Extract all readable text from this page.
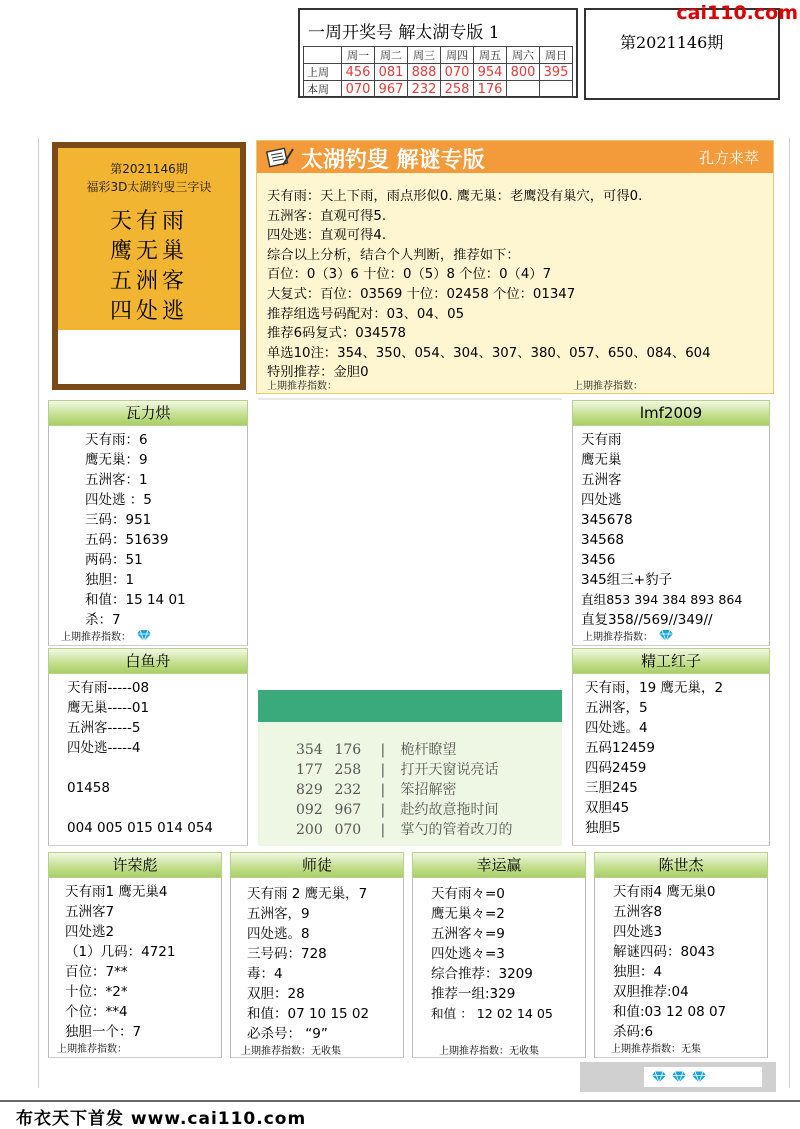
一周开奖号 解太湖专版 1
	周一	周二	周三	周四	周五	周六	周日
上周	456	081	888	070	954	800	395
本周	070	967	232	258	176		
第2021146期
cai110.com
第2021146期
福彩3D太湖钓叟三字诀
天有雨
鹰无巢
五洲客
四处逃
太湖钓叟 解谜专版	孔方来萃
天有雨：天上下雨，雨点形似0. 鹰无巢：老鹰没有巢穴，可得0.
五洲客：直观可得5.
四处逃：直观可得4.
综合以上分析，结合个人判断，推荐如下：
百位：0（3）6 十位：0（5）8 个位：0（4）7
大复式：百位：03569 十位：02458 个位：01347
推荐组选号码配对：03、04、05
推荐6码复式：034578
单选10注：354、350、054、304、307、380、057、650、084、604
特别推荐：金胆0
上期推荐指数：	上期推荐指数：
瓦力烘
天有雨：6
鹰无巢：9
五洲客：1
四处逃 ：5
三码：951
五码：51639
两码：51
独胆：1
和值：15 14 01
杀：7
上期推荐指数：
lmf2009
天有雨
鹰无巢
五洲客
四处逃
345678
34568
3456
345组三+豹子
直组853 394 384 893 864
直复358//569//349//
上期推荐指数：
白鱼舟
天有雨-----08
鹰无巢-----01
五洲客-----5
四处逃-----4
01458
004 005 015 014 054
精工红子
天有雨，19 鹰无巢，2
五洲客，5
四处逃。4
五码12459
四码2459
三胆245
双胆45
独胆5
354 176 | 桅杆瞭望
177 258 | 打开天窗说亮话
829 232 | 笨招解密
092 967 | 赴约故意拖时间
200 070 | 掌勺的管着改刀的
许荣彪
天有雨1 鹰无巢4
五洲客7
四处逃2
（1）几码：4721
百位：7**
十位：*2*
个位：**4
独胆一个：7
上期推荐指数：
师徒
天有雨 2 鹰无巢，7
五洲客，9
四处逃。8
三号码：728
毒：4
双胆：28
和值：07 10 15 02
必杀号： “9”
上期推荐指数：无收集
幸运赢
天有雨々=0
鹰无巢々=2
五洲客々=9
四处逃々=3
综合推荐：3209
推荐一组:329
和值 ： 12 02 14 05
上期推荐指数：无收集
陈世杰
天有雨4 鹰无巢0
五洲客8
四处逃3
解谜四码：8043
独胆：4
双胆推荐:04
和值:03 12 08 07
杀码:6
上期推荐指数：无集
布衣天下首发 www.cai110.com
